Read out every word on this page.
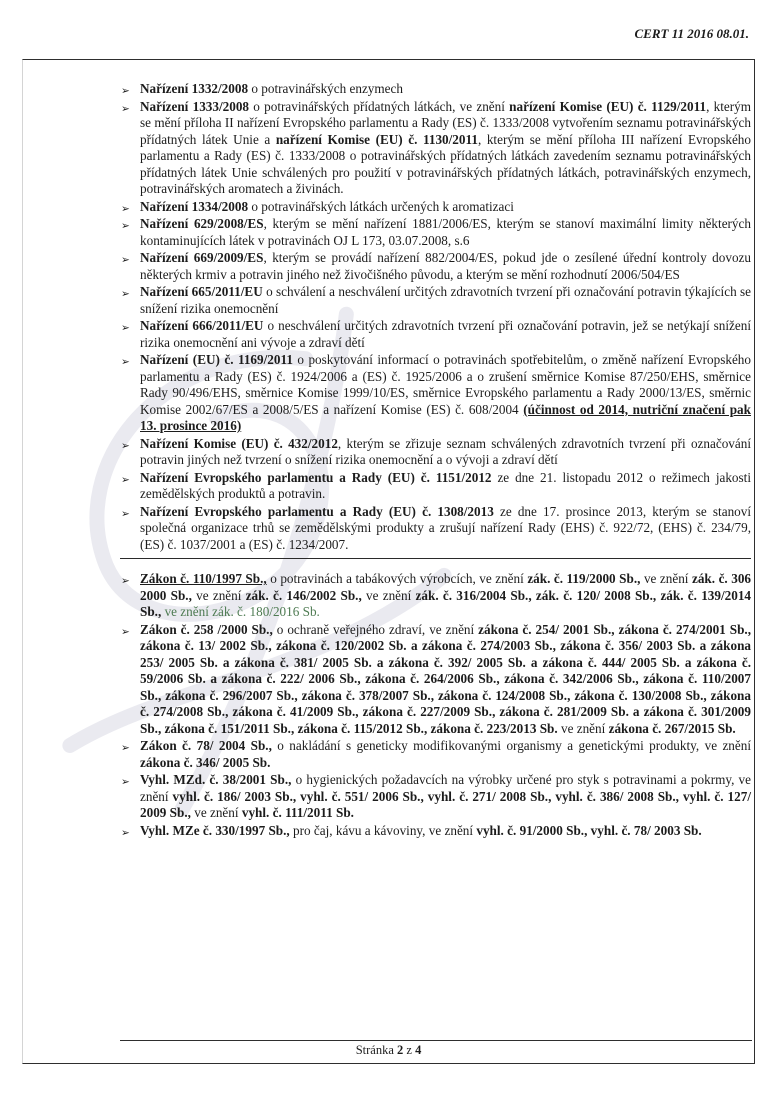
CERT 11 2016 08.01.
➢ Nařízení 1332/2008 o potravinářských enzymech
➢ Nařízení 1333/2008 o potravinářských přídatných látkách, ve znění nařízení Komise (EU) č. 1129/2011, kterým se mění příloha II nařízení Evropského parlamentu a Rady (ES) č. 1333/2008 vytvořením seznamu potravinářských přídatných látek Unie a nařízení Komise (EU) č. 1130/2011, kterým se mění příloha III nařízení Evropského parlamentu a Rady (ES) č. 1333/2008 o potravinářských přídatných látkách zavedením seznamu potravinářských přídatných látek Unie schválených pro použití v potravinářských přídatných látkách, potravinářských enzymech, potravinářských aromatech a živinách.
➢ Nařízení 1334/2008 o potravinářských látkách určených k aromatizaci
➢ Nařízení 629/2008/ES, kterým se mění nařízení 1881/2006/ES, kterým se stanoví maximální limity některých kontaminujících látek v potravinách OJ L 173, 03.07.2008, s.6
➢ Nařízení 669/2009/ES, kterým se provádí nařízení 882/2004/ES, pokud jde o zesílené úřední kontroly dovozu některých krmiv a potravin jiného než živočišného původu, a kterým se mění rozhodnutí 2006/504/ES
➢ Nařízení 665/2011/EU o schválení a neschválení určitých zdravotních tvrzení při označování potravin týkajících se snížení rizika onemocnění
➢ Nařízení 666/2011/EU o neschválení určitých zdravotních tvrzení při označování potravin, jež se netýkají snížení rizika onemocnění ani vývoje a zdraví dětí
➢ Nařízení (EU) č. 1169/2011 o poskytování informací o potravinách spotřebitelům, o změně nařízení Evropského parlamentu a Rady (ES) č. 1924/2006 a (ES) č. 1925/2006 a o zrušení směrnice Komise 87/250/EHS, směrnice Rady 90/496/EHS, směrnice Komise 1999/10/ES, směrnice Evropského parlamentu a Rady 2000/13/ES, směrnic Komise 2002/67/ES a 2008/5/ES a nařízení Komise (ES) č. 608/2004 (účinnost od 2014, nutriční značení pak 13. prosince 2016)
➢ Nařízení Komise (EU) č. 432/2012, kterým se zřizuje seznam schválených zdravotních tvrzení při označování potravin jiných než tvrzení o snížení rizika onemocnění a o vývoji a zdraví dětí
➢ Nařízení Evropského parlamentu a Rady (EU) č. 1151/2012 ze dne 21. listopadu 2012 o režimech jakosti zemědělských produktů a potravin.
➢ Nařízení Evropského parlamentu a Rady (EU) č. 1308/2013 ze dne 17. prosince 2013, kterým se stanoví společná organizace trhů se zemědělskými produkty a zrušují nařízení Rady (EHS) č. 922/72, (EHS) č. 234/79, (ES) č. 1037/2001 a (ES) č. 1234/2007.
➢ Zákon č. 110/1997 Sb., o potravinách a tabákových výrobcích, ve znění zák. č. 119/2000 Sb., ve znění zák. č. 306 2000 Sb., ve znění zák. č. 146/2002 Sb., ve znění zák. č. 316/2004 Sb., zák. č. 120/ 2008 Sb., zák. č. 139/2014 Sb., ve znění zák. č. 180/2016 Sb.
➢ Zákon č. 258 /2000 Sb., o ochraně veřejného zdraví, ve znění zákona č. 254/ 2001 Sb., zákona č. 274/2001 Sb., zákona č. 13/ 2002 Sb., zákona č. 120/2002 Sb. a zákona č. 274/2003 Sb., zákona č. 356/ 2003 Sb. a zákona 253/ 2005 Sb. a zákona č. 381/ 2005 Sb. a zákona č. 392/ 2005 Sb. a zákona č. 444/ 2005 Sb. a zákona č. 59/2006 Sb. a zákona č. 222/ 2006 Sb., zákona č. 264/2006 Sb., zákona č. 342/2006 Sb., zákona č. 110/2007 Sb., zákona č. 296/2007 Sb., zákona č. 378/2007 Sb., zákona č. 124/2008 Sb., zákona č. 130/2008 Sb., zákona č. 274/2008 Sb., zákona č. 41/2009 Sb., zákona č. 227/2009 Sb., zákona č. 281/2009 Sb. a zákona č. 301/2009 Sb., zákona č. 151/2011 Sb., zákona č. 115/2012 Sb., zákona č. 223/2013 Sb. ve znění zákona č. 267/2015 Sb.
➢ Zákon č. 78/ 2004 Sb., o nakládání s geneticky modifikovanými organismy a genetickými produkty, ve znění zákona č. 346/ 2005 Sb.
➢ Vyhl. MZd. č. 38/2001 Sb., o hygienických požadavcích na výrobky určené pro styk s potravinami a pokrmy, ve znění vyhl. č. 186/ 2003 Sb., vyhl. č. 551/ 2006 Sb., vyhl. č. 271/ 2008 Sb., vyhl. č. 386/ 2008 Sb., vyhl. č. 127/ 2009 Sb., ve znění vyhl. č. 111/2011 Sb.
➢ Vyhl. MZe č. 330/1997 Sb., pro čaj, kávu a kávoviny, ve znění vyhl. č. 91/2000 Sb., vyhl. č. 78/ 2003 Sb.
Stránka 2 z 4
